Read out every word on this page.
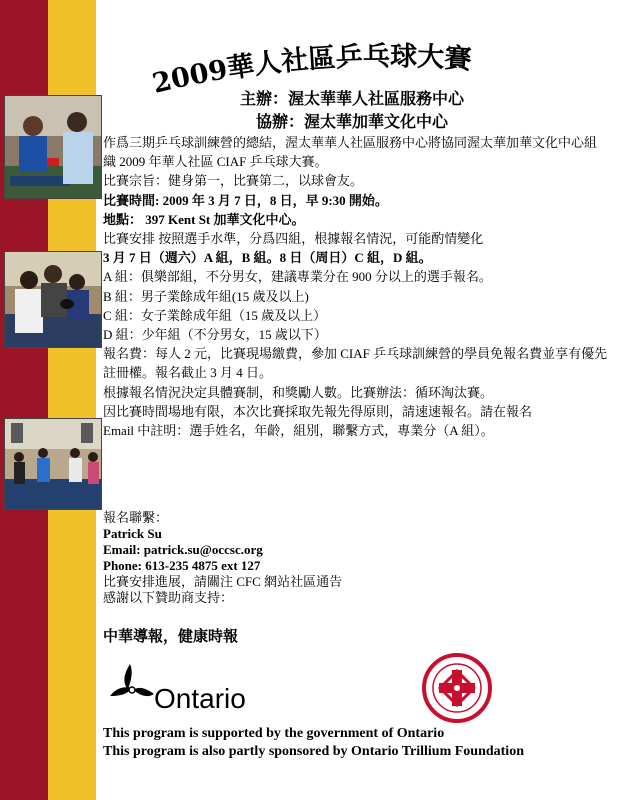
2009華人社區乒乓球大賽
主辦：渥太華華人社區服務中心
協辦：渥太華加華文化中心

作爲三期乒乓球訓練營的總結，渥太華華人社區服務中心將協同渥太華加華文化中心組織 2009 年華人社區 CIAF 乒乓球大賽。

比賽宗旨：健身第一，比賽第二，以球會友。

比賽時間: 2009 年 3 月 7 日，8 日，早 9:30 開始。

地點： 397 Kent St 加華文化中心。

比賽安排 按照選手水準，分爲四組，根據報名情況，可能酌情變化

3 月 7 日（週六）A 組，B 組。8 日（周日）C 組，D 組。

A 組：俱樂部組，不分男女，建議專業分在 900 分以上的選手報名。

B 組：男子業餘成年組(15 歲及以上)

C 組：女子業餘成年組（15 歲及以上）

D 組：少年組（不分男女，15 歲以下）

報名費：每人 2 元，比賽現場繳費，參加 CIAF 乒乓球訓練營的學員免報名費並享有優先註冊權。報名截止 3 月 4 日。

根據報名情況決定具體賽制，和獎勵人數。比賽辦法：循环淘汰賽。

因比賽時間場地有限，本次比賽採取先報先得原則，請速速報名。請在報名

Email 中註明：選手姓名，年齡，組別，聯繫方式，專業分（A 組）。

報名聯繫：

Patrick Su

Email: patrick.su@occsc.org

Phone: 613-235 4875 ext 127

比賽安排進展，請關注 CFC 網站社區通告

感謝以下贊助商支持：

中華導報，健康時報
Ontario

This program is supported by the government of Ontario

This program is also partly sponsored by Ontario Trillium Foundation
